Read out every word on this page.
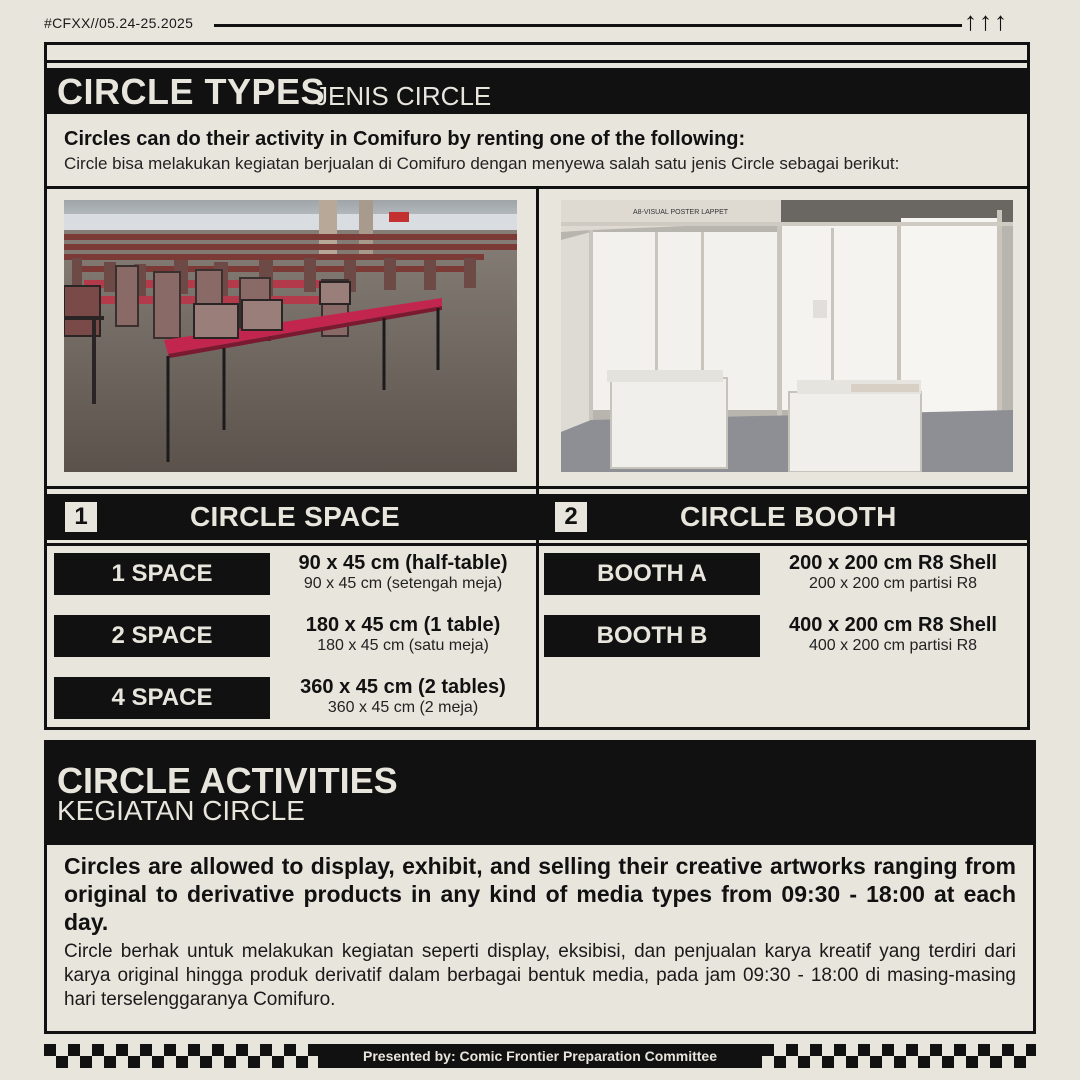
#CFXX//05.24-25.2025	↑↑↑
CIRCLE TYPES
JENIS CIRCLE
Circles can do their activity in Comifuro by renting one of the following:
Circle bisa melakukan kegiatan berjualan di Comifuro dengan menyewa salah satu jenis Circle sebagai berikut:
A8-VISUAL POSTER LAPPET
1	CIRCLE SPACE	2	CIRCLE BOOTH
1 SPACE	90 x 45 cm (half-table)
90 x 45 cm (setengah meja)
2 SPACE	180 x 45 cm (1 table)
180 x 45 cm (satu meja)
4 SPACE	360 x 45 cm (2 tables)
360 x 45 cm (2 meja)
BOOTH A	200 x 200 cm R8 Shell
200 x 200 cm partisi R8
BOOTH B	400 x 200 cm R8 Shell
400 x 200 cm partisi R8
CIRCLE ACTIVITIES
KEGIATAN CIRCLE
Circles are allowed to display, exhibit, and selling their creative artworks ranging from original to derivative products in any kind of media types from 09:30 - 18:00 at each day.
Circle berhak untuk melakukan kegiatan seperti display, eksibisi, dan penjualan karya kreatif yang terdiri dari karya original hingga produk derivatif dalam berbagai bentuk media, pada jam 09:30 - 18:00 di masing-masing hari terselenggaranya Comifuro.
Presented by: Comic Frontier Preparation Committee
